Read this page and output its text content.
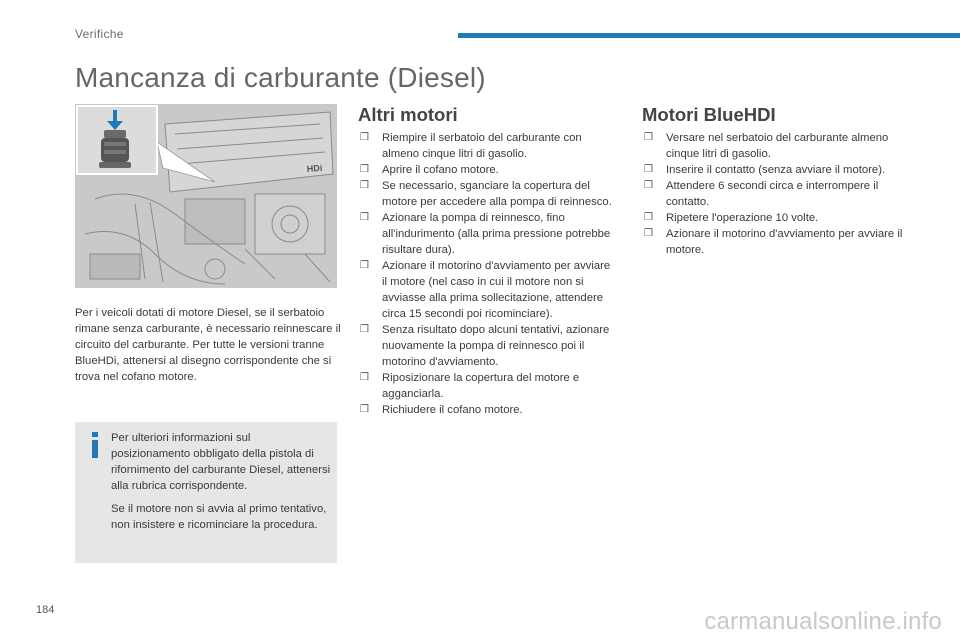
Verifiche
Mancanza di carburante (Diesel)
HDi

Per i veicoli dotati di motore Diesel, se il serbatoio rimane senza carburante, è necessario reinnescare il circuito del carburante. Per tutte le versioni tranne BlueHDi, attenersi al disegno corrispondente che si trova nel cofano motore.

Per ulteriori informazioni sul posizionamento obbligato della pistola di rifornimento del carburante Diesel, attenersi alla rubrica corrispondente.

Se il motore non si avvia al primo tentativo, non insistere e ricominciare la procedura.

Altri motori
❒ Riempire il serbatoio del carburante con almeno cinque litri di gasolio.
❒ Aprire il cofano motore.
❒ Se necessario, sganciare la copertura del motore per accedere alla pompa di reinnesco.
❒ Azionare la pompa di reinnesco, fino all'indurimento (alla prima pressione potrebbe risultare dura).
❒ Azionare il motorino d'avviamento per avviare il motore (nel caso in cui il motore non si avviasse alla prima sollecitazione, attendere circa 15 secondi poi ricominciare).
❒ Senza risultato dopo alcuni tentativi, azionare nuovamente la pompa di reinnesco poi il motorino d'avviamento.
❒ Riposizionare la copertura del motore e agganciarla.
❒ Richiudere il cofano motore.
Motori BlueHDI
❒ Versare nel serbatoio del carburante almeno cinque litri di gasolio.
❒ Inserire il contatto (senza avviare il motore).
❒ Attendere 6 secondi circa e interrompere il contatto.
❒ Ripetere l'operazione 10 volte.
❒ Azionare il motorino d'avviamento per avviare il motore.
184	carmanualsonline.info
